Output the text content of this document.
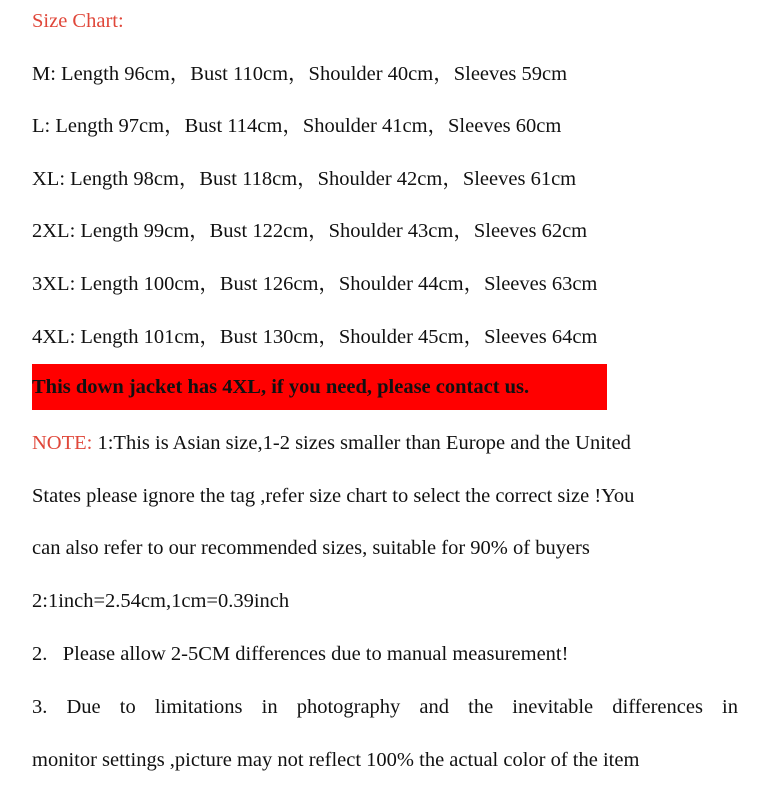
Size Chart:
M: Length 96cm，Bust 110cm，Shoulder 40cm，Sleeves 59cm
L: Length 97cm，Bust 114cm，Shoulder 41cm，Sleeves 60cm
XL: Length 98cm，Bust 118cm，Shoulder 42cm，Sleeves 61cm
2XL: Length 99cm，Bust 122cm，Shoulder 43cm，Sleeves 62cm
3XL: Length 100cm，Bust 126cm，Shoulder 44cm，Sleeves 63cm
4XL: Length 101cm，Bust 130cm，Shoulder 45cm，Sleeves 64cm
This down jacket has 4XL, if you need, please contact us.
NOTE: 1:This is Asian size,1-2 sizes smaller than Europe and the United
States please ignore the tag ,refer size chart to select the correct size !You
can also refer to our recommended sizes, suitable for 90% of buyers
2:1inch=2.54cm,1cm=0.39inch
2.   Please allow 2-5CM differences due to manual measurement!
3. Due to limitations in photography and the inevitable differences in
monitor settings ,picture may not reflect 100% the actual color of the item
